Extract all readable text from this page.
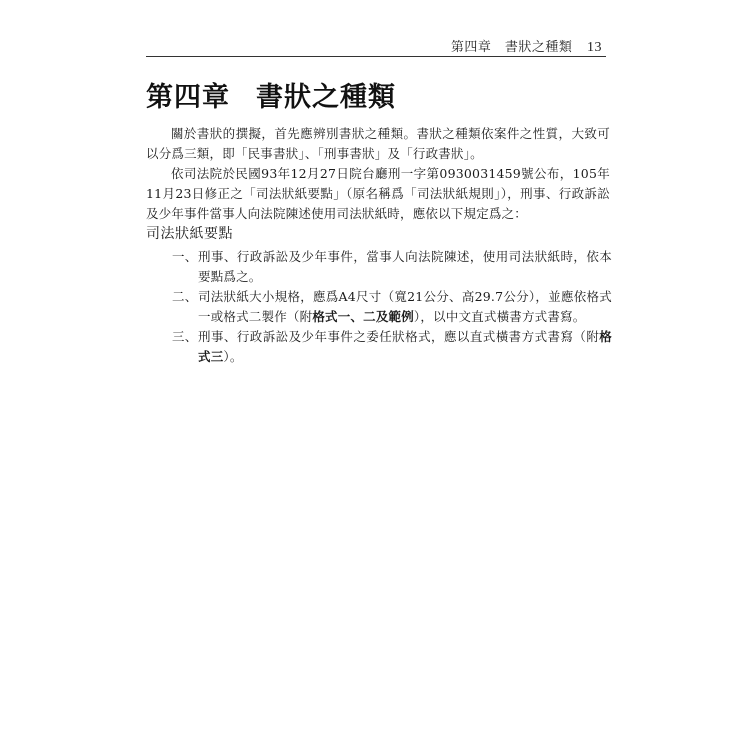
第四章　書狀之種類 13
第四章 書狀之種類
關於書狀的撰擬，首先應辨別書狀之種類。書狀之種類依案件之性質，大致可以分爲三類，即「民事書狀」、「刑事書狀」及「行政書狀」。
依司法院於民國93年12月27日院台廳刑一字第0930031459號公布，105年11月23日修正之「司法狀紙要點」（原名稱爲「司法狀紙規則」），刑事、行政訴訟及少年事件當事人向法院陳述使用司法狀紙時，應依以下規定爲之：
司法狀紙要點
一、 刑事、行政訴訟及少年事件，當事人向法院陳述，使用司法狀紙時，依本要點爲之。
二、 司法狀紙大小規格，應爲A4尺寸（寬21公分、高29.7公分），並應依格式一或格式二製作（附格式一、二及範例），以中文直式橫書方式書寫。
三、 刑事、行政訴訟及少年事件之委任狀格式，應以直式橫書方式書寫（附格式三）。
